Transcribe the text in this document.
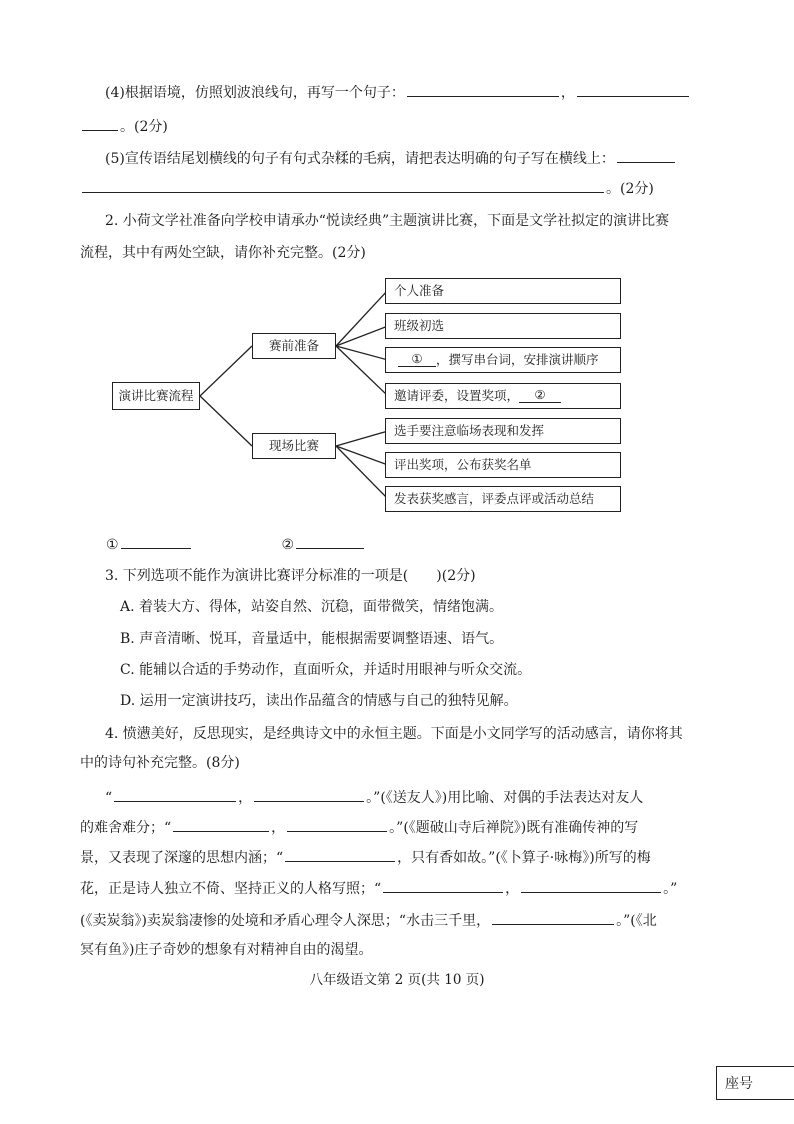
(4)根据语境，仿照划波浪线句，再写一个句子：	，
。(2分)
(5)宣传语结尾划横线的句子有句式杂糅的毛病，请把表达明确的句子写在横线上：
。(2分)
2. 小荷文学社准备向学校申请承办“悦读经典”主题演讲比赛，下面是文学社拟定的演讲比赛
流程，其中有两处空缺，请你补充完整。(2分)
演讲比赛流程
赛前准备
现场比赛
个人准备
班级初选
①	，撰写串台词，安排演讲顺序
邀请评委，设置奖项，	②
选手要注意临场表现和发挥
评出奖项，公布获奖名单
发表获奖感言，评委点评或活动总结
①	②
3. 下列选项不能作为演讲比赛评分标准的一项是(　　)(2分)
A. 着装大方、得体，站姿自然、沉稳，面带微笑，情绪饱满。
B. 声音清晰、悦耳，音量适中，能根据需要调整语速、语气。
C. 能辅以合适的手势动作，直面听众，并适时用眼神与听众交流。
D. 运用一定演讲技巧，读出作品蕴含的情感与自己的独特见解。
4. 愤懑美好，反思现实，是经典诗文中的永恒主题。下面是小文同学写的活动感言，请你将其
中的诗句补充完整。(8分)
“	，	。”(《送友人》)用比喻、对偶的手法表达对友人
的难舍难分；“	，	。”(《题破山寺后禅院》)既有准确传神的写
景，又表现了深邃的思想内涵；“	，只有香如故。”(《卜算子·咏梅》)所写的梅
花，正是诗人独立不倚、坚持正义的人格写照；“	，	。”
(《卖炭翁》)卖炭翁凄惨的处境和矛盾心理令人深思；“水击三千里，	。”(《北
冥有鱼》)庄子奇妙的想象有对精神自由的渴望。
八年级语文第 2 页(共 10 页)
座号
